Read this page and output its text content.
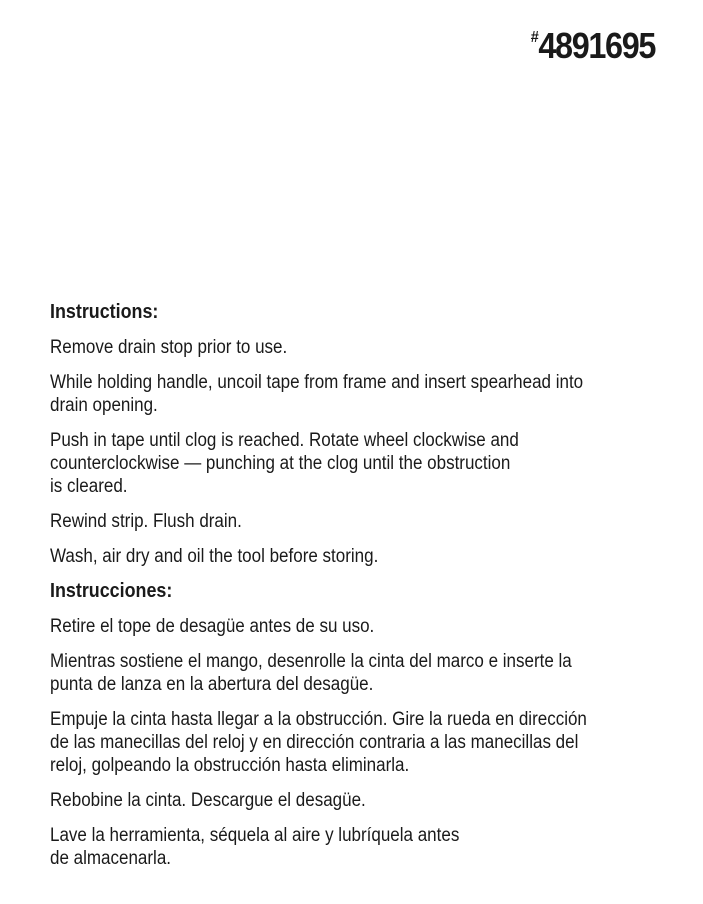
#4891695
Instructions:
Remove drain stop prior to use.
While holding handle, uncoil tape from frame and insert spearhead into
drain opening.
Push in tape until clog is reached. Rotate wheel clockwise and
counterclockwise — punching at the clog until the obstruction
is cleared.
Rewind strip. Flush drain.
Wash, air dry and oil the tool before storing.
Instrucciones:
Retire el tope de desagüe antes de su uso.
Mientras sostiene el mango, desenrolle la cinta del marco e inserte la
punta de lanza en la abertura del desagüe.
Empuje la cinta hasta llegar a la obstrucción. Gire la rueda en dirección
de las manecillas del reloj y en dirección contraria a las manecillas del
reloj, golpeando la obstrucción hasta eliminarla.
Rebobine la cinta. Descargue el desagüe.
Lave la herramienta, séquela al aire y lubríquela antes
de almacenarla.
